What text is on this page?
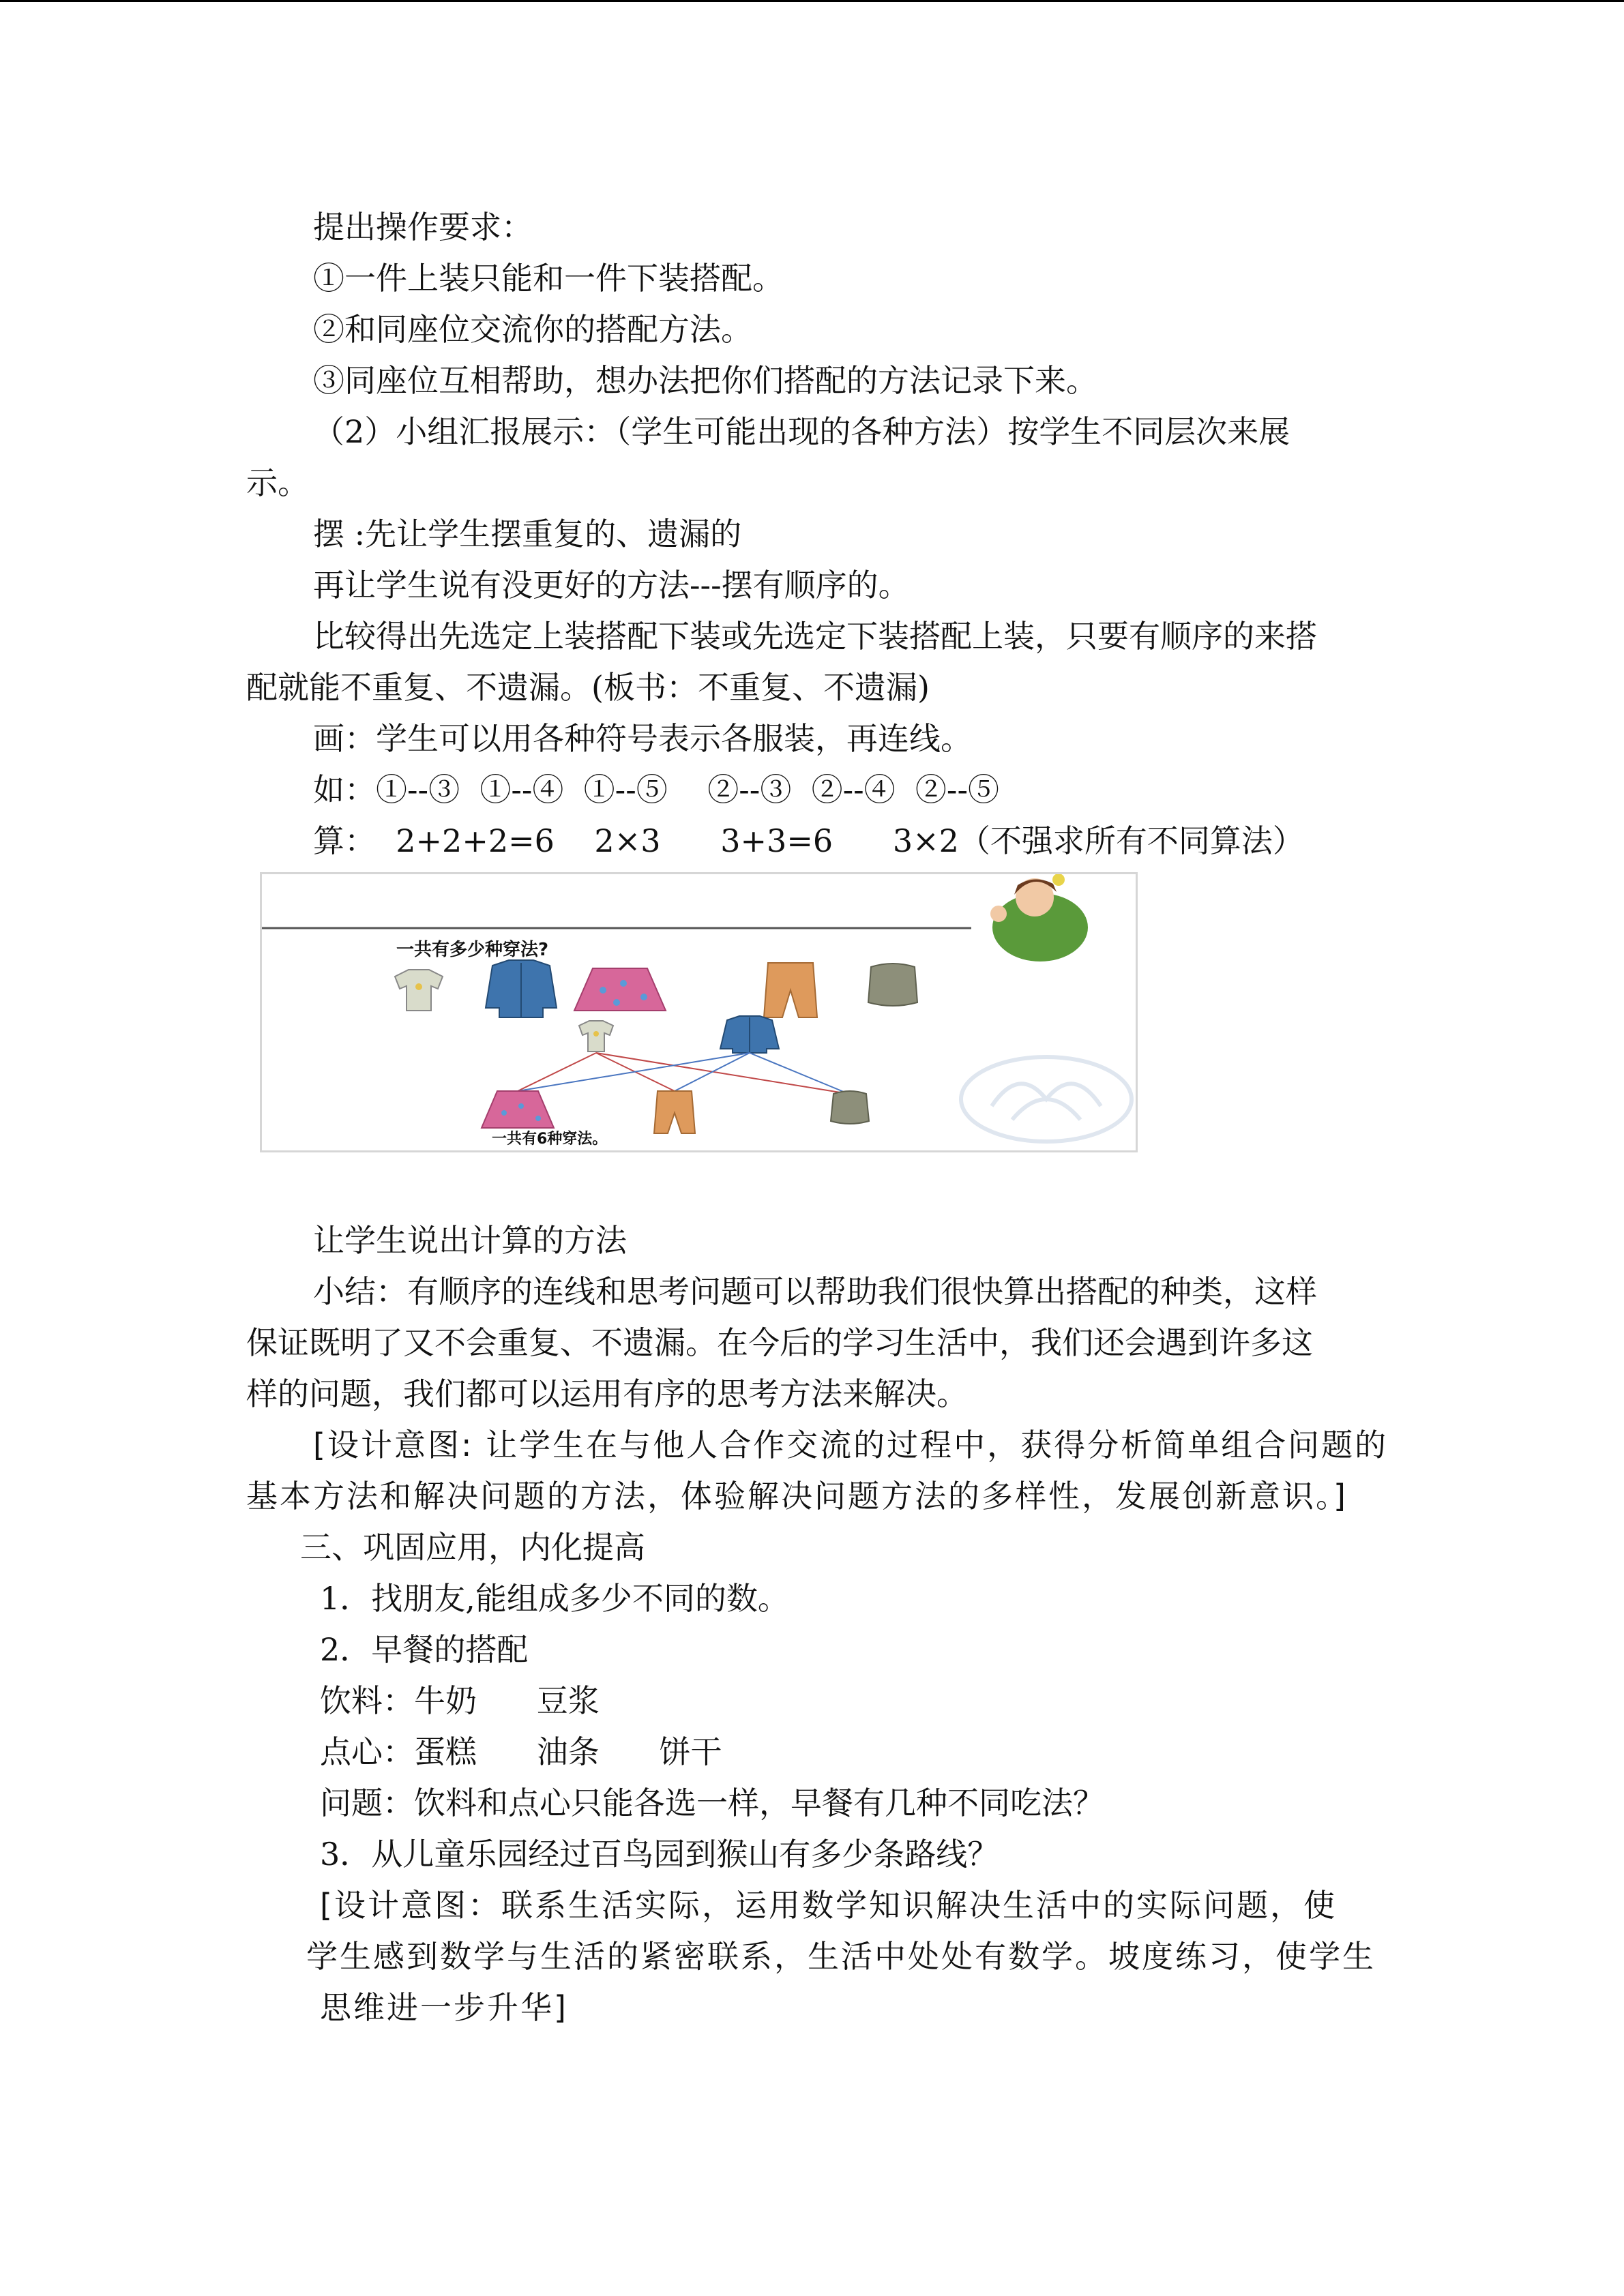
提出操作要求：
①一件上装只能和一件下装搭配。
②和同座位交流你的搭配方法。
③同座位互相帮助，想办法把你们搭配的方法记录下来。
（2）小组汇报展示：（学生可能出现的各种方法）按学生不同层次来展
示。
摆 :先让学生摆重复的、遗漏的
再让学生说有没更好的方法---摆有顺序的。
比较得出先选定上装搭配下装或先选定下装搭配上装，只要有顺序的来搭
配就能不重复、不遗漏。(板书：不重复、不遗漏)
画：学生可以用各种符号表示各服装，再连线。
如：①--③  ①--④  ①--⑤    ②--③  ②--④  ②--⑤
算：  2+2+2=6    2×3      3+3=6      3×2（不强求所有不同算法）
一共有多少种穿法?
一共有6种穿法。
让学生说出计算的方法
小结：有顺序的连线和思考问题可以帮助我们很快算出搭配的种类，这样
保证既明了又不会重复、不遗漏。在今后的学习生活中，我们还会遇到许多这
样的问题，我们都可以运用有序的思考方法来解决。
[设计意图: 让学生在与他人合作交流的过程中，获得分析简单组合问题的
基本方法和解决问题的方法，体验解决问题方法的多样性，发展创新意识。]
三、巩固应用，内化提高
1．找朋友,能组成多少不同的数。
2．早餐的搭配
饮料：牛奶      豆浆
点心：蛋糕      油条      饼干
问题：饮料和点心只能各选一样，早餐有几种不同吃法？
3．从儿童乐园经过百鸟园到猴山有多少条路线？
[设计意图：联系生活实际，运用数学知识解决生活中的实际问题，使
学生感到数学与生活的紧密联系，生活中处处有数学。坡度练习，使学生
思维进一步升华]
